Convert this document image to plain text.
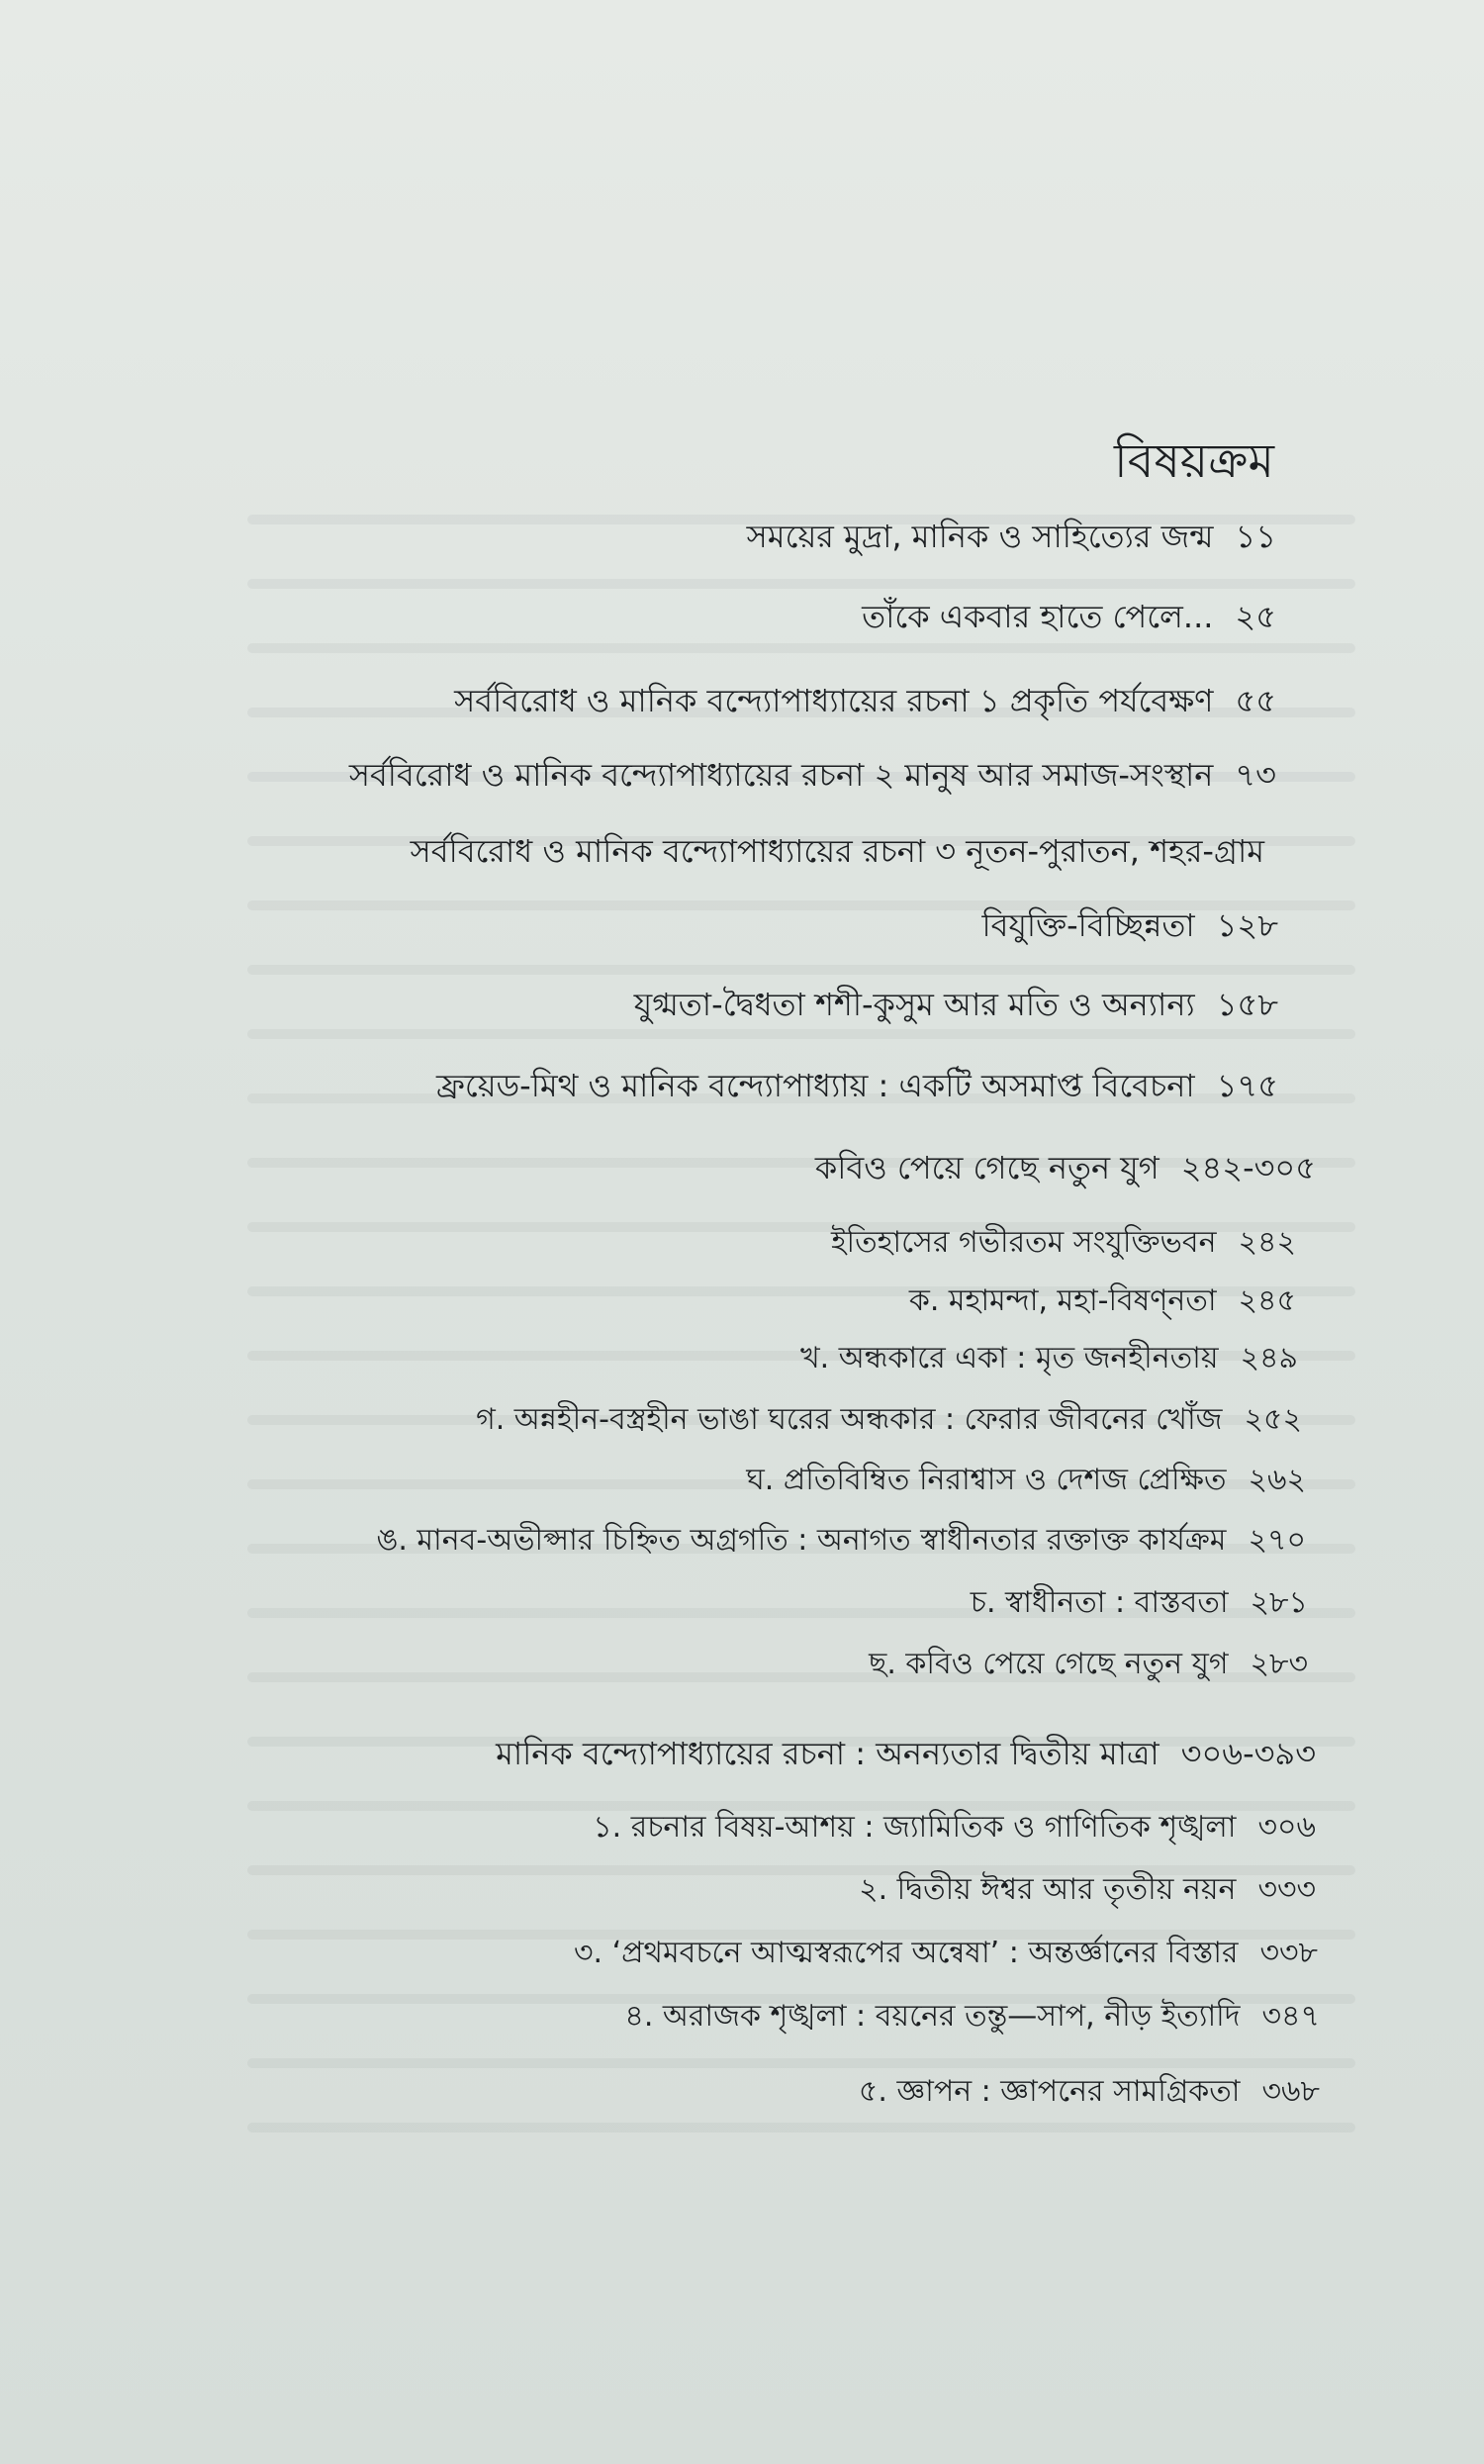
বিষয়ক্রম
সময়ের মুদ্রা, মানিক ও সাহিত্যের জন্ম ১১
তাঁকে একবার হাতে পেলে... ২৫
সর্ববিরোধ ও মানিক বন্দ্যোপাধ্যায়ের রচনা ১ প্রকৃতি পর্যবেক্ষণ ৫৫
সর্ববিরোধ ও মানিক বন্দ্যোপাধ্যায়ের রচনা ২ মানুষ আর সমাজ-সংস্থান ৭৩
সর্ববিরোধ ও মানিক বন্দ্যোপাধ্যায়ের রচনা ৩ নূতন-পুরাতন, শহর-গ্রাম
বিযুক্তি-বিচ্ছিন্নতা ১২৮
যুগ্মতা-দ্বৈধতা শশী-কুসুম আর মতি ও অন্যান্য ১৫৮
ফ্রয়েড-মিথ ও মানিক বন্দ্যোপাধ্যায় : একটি অসমাপ্ত বিবেচনা ১৭৫
কবিও পেয়ে গেছে নতুন যুগ ২৪২-৩০৫
ইতিহাসের গভীরতম সংযুক্তিভবন ২৪২
ক. মহামন্দা, মহা-বিষণ্নতা ২৪৫
খ. অন্ধকারে একা : মৃত জনহীনতায় ২৪৯
গ. অন্নহীন-বস্ত্রহীন ভাঙা ঘরের অন্ধকার : ফেরার জীবনের খোঁজ ২৫২
ঘ. প্রতিবিম্বিত নিরাশ্বাস ও দেশজ প্রেক্ষিত ২৬২
ঙ. মানব-অভীপ্সার চিহ্নিত অগ্রগতি : অনাগত স্বাধীনতার রক্তাক্ত কার্যক্রম ২৭০
চ. স্বাধীনতা : বাস্তবতা ২৮১
ছ. কবিও পেয়ে গেছে নতুন যুগ ২৮৩
মানিক বন্দ্যোপাধ্যায়ের রচনা : অনন্যতার দ্বিতীয় মাত্রা ৩০৬-৩৯৩
১. রচনার বিষয়-আশয় : জ্যামিতিক ও গাণিতিক শৃঙ্খলা ৩০৬
২. দ্বিতীয় ঈশ্বর আর তৃতীয় নয়ন ৩৩৩
৩. ‘প্রথমবচনে আত্মস্বরূপের অন্বেষা’ : অন্তর্জ্ঞানের বিস্তার ৩৩৮
৪. অরাজক শৃঙ্খলা : বয়নের তন্তু—সাপ, নীড় ইত্যাদি ৩৪৭
৫. জ্ঞাপন : জ্ঞাপনের সামগ্রিকতা ৩৬৮
